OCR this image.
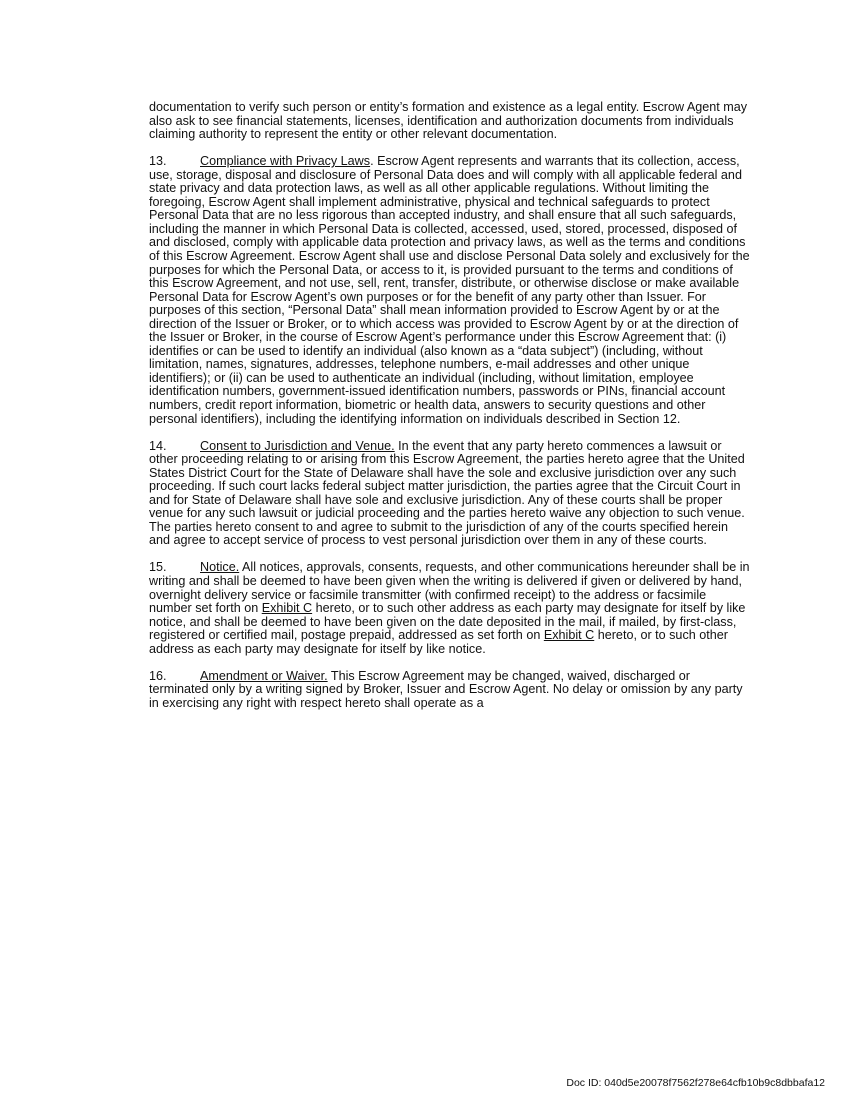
documentation to verify such person or entity’s formation and existence as a legal entity. Escrow Agent may also ask to see financial statements, licenses, identification and authorization documents from individuals claiming authority to represent the entity or other relevant documentation.

13.	Compliance with Privacy Laws. Escrow Agent represents and warrants that its collection, access, use, storage, disposal and disclosure of Personal Data does and will comply with all applicable federal and state privacy and data protection laws, as well as all other applicable regulations. Without limiting the foregoing, Escrow Agent shall implement administrative, physical and technical safeguards to protect Personal Data that are no less rigorous than accepted industry, and shall ensure that all such safeguards, including the manner in which Personal Data is collected, accessed, used, stored, processed, disposed of and disclosed, comply with applicable data protection and privacy laws, as well as the terms and conditions of this Escrow Agreement. Escrow Agent shall use and disclose Personal Data solely and exclusively for the purposes for which the Personal Data, or access to it, is provided pursuant to the terms and conditions of this Escrow Agreement, and not use, sell, rent, transfer, distribute, or otherwise disclose or make available Personal Data for Escrow Agent’s own purposes or for the benefit of any party other than Issuer. For purposes of this section, “Personal Data” shall mean information provided to Escrow Agent by or at the direction of the Issuer or Broker, or to which access was provided to Escrow Agent by or at the direction of the Issuer or Broker, in the course of Escrow Agent’s performance under this Escrow Agreement that: (i) identifies or can be used to identify an individual (also known as a “data subject”) (including, without limitation, names, signatures, addresses, telephone numbers, e-mail addresses and other unique identifiers); or (ii) can be used to authenticate an individual (including, without limitation, employee identification numbers, government-issued identification numbers, passwords or PINs, financial account numbers, credit report information, biometric or health data, answers to security questions and other personal identifiers), including the identifying information on individuals described in Section 12.

14.	Consent to Jurisdiction and Venue. In the event that any party hereto commences a lawsuit or other proceeding relating to or arising from this Escrow Agreement, the parties hereto agree that the United States District Court for the State of Delaware shall have the sole and exclusive jurisdiction over any such proceeding. If such court lacks federal subject matter jurisdiction, the parties agree that the Circuit Court in and for State of Delaware shall have sole and exclusive jurisdiction. Any of these courts shall be proper venue for any such lawsuit or judicial proceeding and the parties hereto waive any objection to such venue. The parties hereto consent to and agree to submit to the jurisdiction of any of the courts specified herein and agree to accept service of process to vest personal jurisdiction over them in any of these courts.

15.	Notice. All notices, approvals, consents, requests, and other communications hereunder shall be in writing and shall be deemed to have been given when the writing is delivered if given or delivered by hand, overnight delivery service or facsimile transmitter (with confirmed receipt) to the address or facsimile number set forth on Exhibit C hereto, or to such other address as each party may designate for itself by like notice, and shall be deemed to have been given on the date deposited in the mail, if mailed, by first-class, registered or certified mail, postage prepaid, addressed as set forth on Exhibit C hereto, or to such other address as each party may designate for itself by like notice.

16.	Amendment or Waiver. This Escrow Agreement may be changed, waived, discharged or terminated only by a writing signed by Broker, Issuer and Escrow Agent. No delay or omission by any party in exercising any right with respect hereto shall operate as a

Doc ID: 040d5e20078f7562f278e64cfb10b9c8dbbafa12
